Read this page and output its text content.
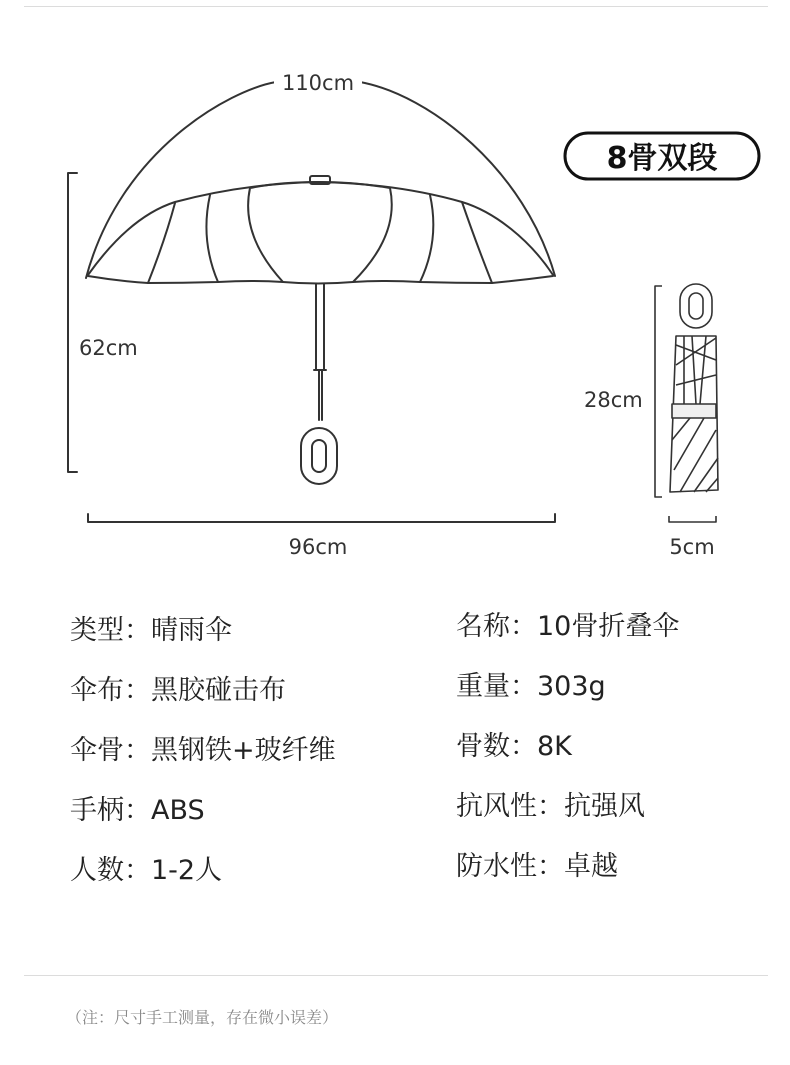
8骨双段
110cm
62cm
96cm
28cm
5cm
类型：晴雨伞
伞布：黑胶碰击布
伞骨：黑钢铁+玻纤维
手柄：ABS
人数：1-2人
名称：10骨折叠伞
重量：303g
骨数：8K
抗风性：抗强风
防水性：卓越
（注：尺寸手工测量，存在微小误差）
